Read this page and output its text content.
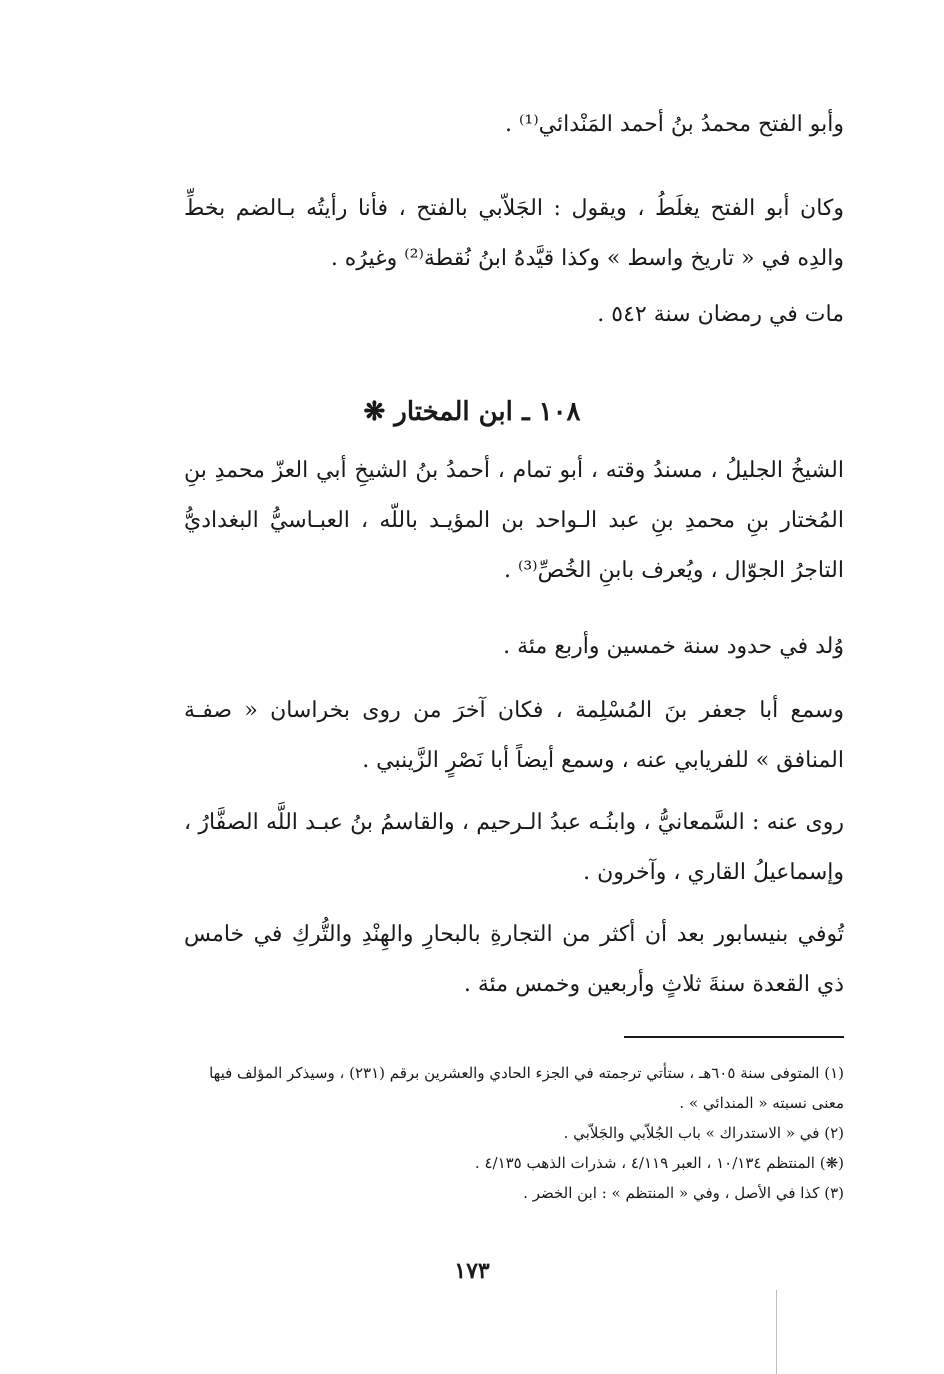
وأبو الفتح محمدُ بنُ أحمد المَنْدائي⁽¹⁾ .

وكان أبو الفتح يغلَطُ ، ويقول : الجَلاّبي بالفتح ، فأنا رأيتُه بـالضم بخطِّ والدِه في « تاريخ واسط » وكذا قيَّدهُ ابنُ نُقطة⁽²⁾ وغيرُه .

مات في رمضان سنة ٥٤٢ .

١٠٨ ـ ابن المختار ❋

الشيخُ الجليلُ ، مسندُ وقته ، أبو تمام ، أحمدُ بنُ الشيخِ أبي العزّ محمدِ بنِ المُختار بنِ محمدِ بنِ عبد الـواحد بن المؤيـد باللّه ، العبـاسيُّ البغداديُّ التاجرُ الجوّال ، ويُعرف بابنِ الخُصِّ⁽³⁾ .

وُلد في حدود سنة خمسين وأربع مئة .

وسمع أبا جعفر بنَ المُسْلِمة ، فكان آخرَ من روى بخراسان « صفـة المنافق » للفريابي عنه ، وسمع أيضاً أبا نَصْرٍ الزَّينبي .

روى عنه : السَّمعانيُّ ، وابنُـه عبدُ الـرحيم ، والقاسمُ بنُ عبـد اللَّه الصفَّارُ ، وإسماعيلُ القاري ، وآخرون .

تُوفي بنيسابور بعد أن أكثر من التجارةِ بالبحارِ والهِنْدِ والتُّركِ في خامس ذي القعدة سنةَ ثلاثٍ وأربعين وخمس مئة .

(١) المتوفى سنة ٦٠٥هـ ، ستأتي ترجمته في الجزء الحادي والعشرين برقم (٢٣١) ، وسيذكر المؤلف فيها معنى نسبته « المندائي » .

(٢) في « الاستدراك » باب الجُلاّبي والجَلاّبي .

(❋) المنتظم ١٠/١٣٤ ، العبر ٤/١١٩ ، شذرات الذهب ٤/١٣٥ .

(٣) كذا في الأصل ، وفي « المنتظم » : ابن الخضر .

١٧٣
